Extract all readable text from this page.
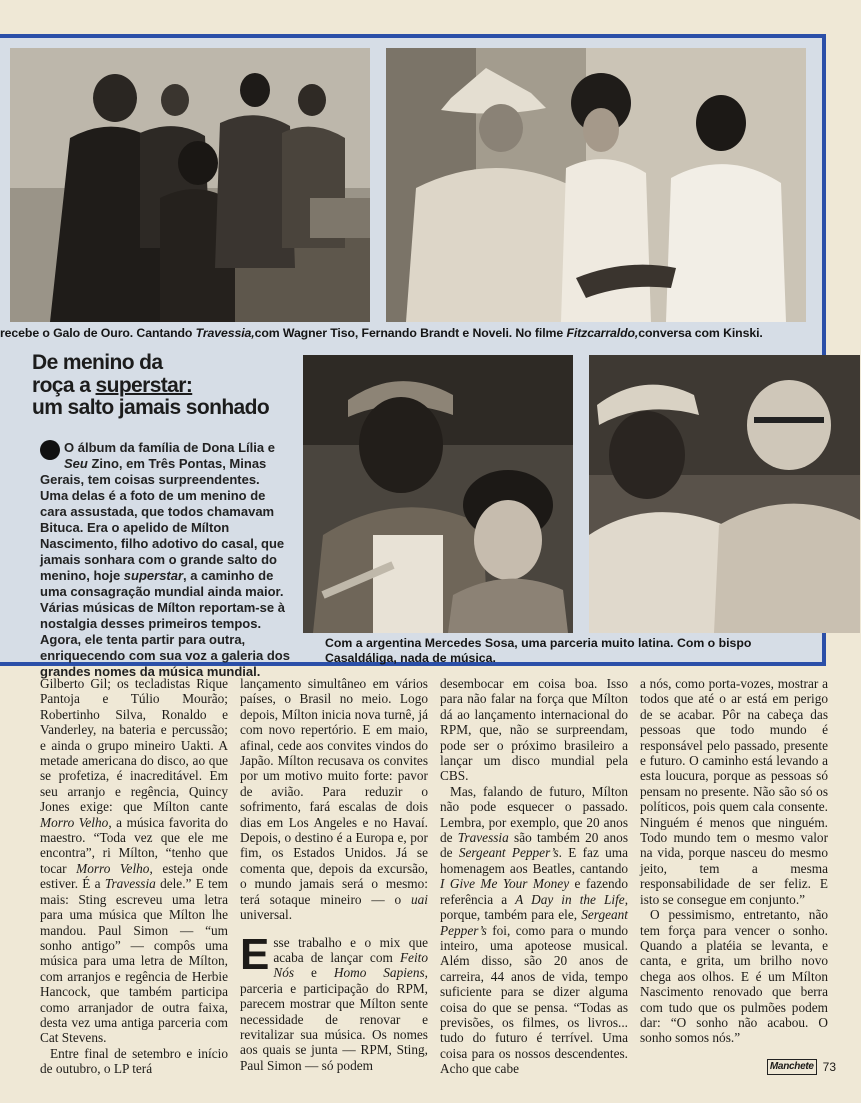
recebe o Galo de Ouro. Cantando Travessia,com Wagner Tiso, Fernando Brandt e Noveli. No filme Fitzcarraldo,conversa com Kinski.
De menino da
roça a superstar:
um salto jamais sonhado
O álbum da família de Dona Lília e Seu Zino, em Três Pontas, Minas Gerais, tem coisas surpreendentes. Uma delas é a foto de um menino de cara assustada, que todos chamavam Bituca. Era o apelido de Mílton Nascimento, filho adotivo do casal, que jamais sonhara com o grande salto do menino, hoje superstar, a caminho de uma consagração mundial ainda maior. Várias músicas de Mílton reportam-se à nostalgia desses primeiros tempos. Agora, ele tenta partir para outra, enriquecendo com sua voz a galeria dos grandes nomes da música mundial.
Com a argentina Mercedes Sosa, uma parceria muito latina. Com o bispo Casaldáliga, nada de música.

Gilberto Gil; os tecladistas Rique Pantoja e Túlio Mourão; Robertinho Silva, Ronaldo e Vanderley, na bateria e percussão; e ainda o grupo mineiro Uakti. A metade americana do disco, ao que se profetiza, é inacreditável. Em seu arranjo e regência, Quincy Jones exige: que Mílton cante Morro Velho, a música favorita do maestro. “Toda vez que ele me encontra”, ri Mílton, “tenho que tocar Morro Velho, esteja onde estiver. É a Travessia dele.” E tem mais: Sting escreveu uma letra para uma música que Mílton lhe mandou. Paul Simon — “um sonho antigo” — compôs uma música para uma letra de Mílton, com arranjos e regência de Herbie Hancock, que também participa como arranjador de outra faixa, desta vez uma antiga parceria com Cat Stevens.

Entre final de setembro e início de outubro, o LP terá

lançamento simultâneo em vários países, o Brasil no meio. Logo depois, Mílton inicia nova turnê, já com novo repertório. E em maio, afinal, cede aos convites vindos do Japão. Mílton recusava os convites por um motivo muito forte: pavor de avião. Para reduzir o sofrimento, fará escalas de dois dias em Los Angeles e no Havaí. Depois, o destino é a Europa e, por fim, os Estados Unidos. Já se comenta que, depois da excursão, o mundo jamais será o mesmo: terá sotaque mineiro — o uai universal.

Esse trabalho e o mix que acaba de lançar com Feito Nós e Homo Sapiens, parceria e participação do RPM, parecem mostrar que Mílton sente necessidade de renovar e revitalizar sua música. Os nomes aos quais se junta — RPM, Sting, Paul Simon — só podem

desembocar em coisa boa. Isso para não falar na força que Mílton dá ao lançamento internacional do RPM, que, não se surpreendam, pode ser o próximo brasileiro a lançar um disco mundial pela CBS.

Mas, falando de futuro, Mílton não pode esquecer o passado. Lembra, por exemplo, que 20 anos de Travessia são também 20 anos de Sergeant Pepper’s. E faz uma homenagem aos Beatles, cantando I Give Me Your Money e fazendo referência a A Day in the Life, porque, também para ele, Sergeant Pepper’s foi, como para o mundo inteiro, uma apoteose musical. Além disso, são 20 anos de carreira, 44 anos de vida, tempo suficiente para se dizer alguma coisa do que se pensa. “Todas as previsões, os filmes, os livros... tudo do futuro é terrível. Uma coisa para os nossos descendentes. Acho que cabe

a nós, como porta-vozes, mostrar a todos que até o ar está em perigo de se acabar. Pôr na cabeça das pessoas que todo mundo é responsável pelo passado, presente e futuro. O caminho está levando a esta loucura, porque as pessoas só pensam no presente. Não são só os políticos, pois quem cala consente. Ninguém é menos que ninguém. Todo mundo tem o mesmo valor na vida, porque nasceu do mesmo jeito, tem a mesma responsabilidade de ser feliz. E isto se consegue em conjunto.”

O pessimismo, entretanto, não tem força para vencer o sonho. Quando a platéia se levanta, e canta, e grita, um brilho novo chega aos olhos. E é um Mílton Nascimento renovado que berra com tudo que os pulmões podem dar: “O sonho não acabou. O sonho somos nós.”

Manchete 73
